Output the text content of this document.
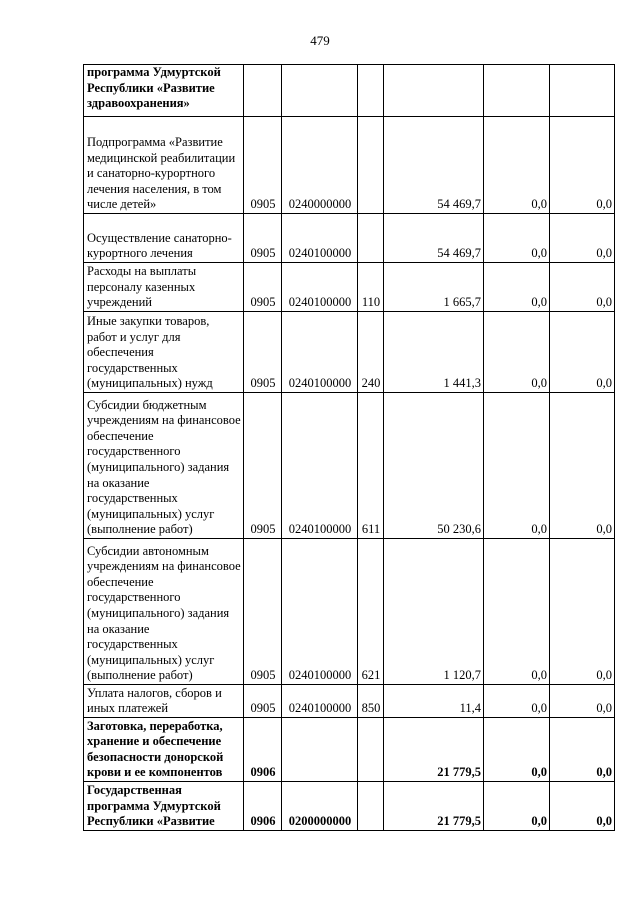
479
программа Удмуртской Республики «Развитие здравоохранения»						
Подпрограмма «Развитие медицинской реабилитации и санаторно-курортного лечения населения, в том числе детей»	0905	0240000000		54 469,7	0,0	0,0
Осуществление санаторно-курортного лечения	0905	0240100000		54 469,7	0,0	0,0
Расходы на выплаты персоналу казенных учреждений	0905	0240100000	110	1 665,7	0,0	0,0
Иные закупки товаров, работ и услуг для обеспечения государственных (муниципальных) нужд	0905	0240100000	240	1 441,3	0,0	0,0
Субсидии бюджетным учреждениям на финансовое обеспечение государственного (муниципального) задания на оказание государственных (муниципальных) услуг (выполнение работ)	0905	0240100000	611	50 230,6	0,0	0,0
Субсидии автономным учреждениям на финансовое обеспечение государственного (муниципального) задания на оказание государственных (муниципальных) услуг (выполнение работ)	0905	0240100000	621	1 120,7	0,0	0,0
Уплата налогов, сборов и иных платежей	0905	0240100000	850	11,4	0,0	0,0
Заготовка, переработка, хранение и обеспечение безопасности донорской крови и ее компонентов	0906			21 779,5	0,0	0,0
Государственная программа Удмуртской Республики «Развитие	0906	0200000000		21 779,5	0,0	0,0
